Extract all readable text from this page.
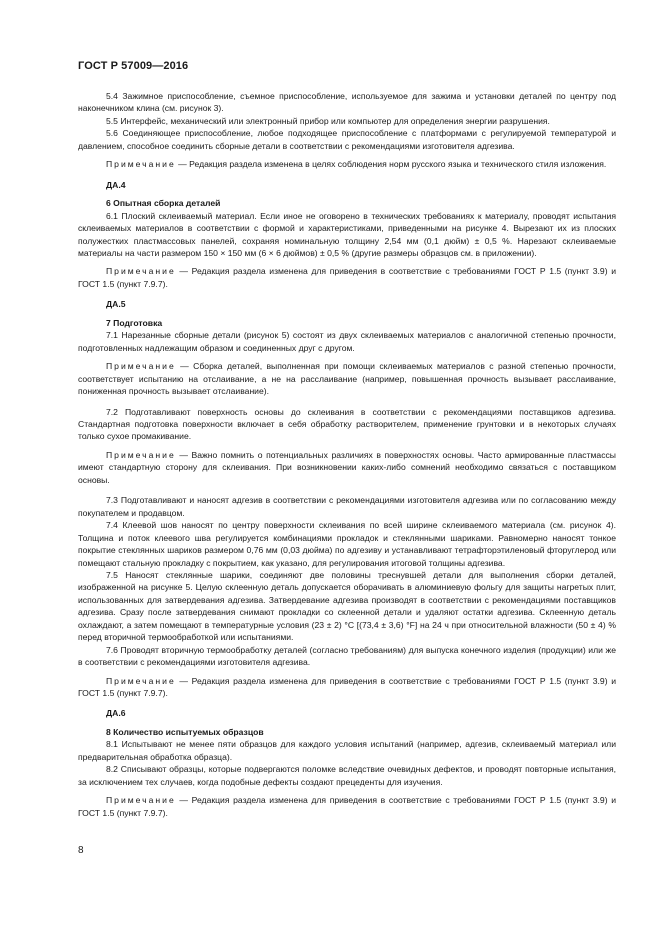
ГОСТ Р 57009—2016

5.4 Зажимное приспособление, съемное приспособление, используемое для зажима и установки деталей по центру под наконечником клина (см. рисунок 3).

5.5 Интерфейс, механический или электронный прибор или компьютер для определения энергии разрушения.

5.6 Соединяющее приспособление, любое подходящее приспособление с платформами с регулируемой температурой и давлением, способное соединить сборные детали в соответствии с рекомендациями изготовителя адгезива.

Примечание — Редакция раздела изменена в целях соблюдения норм русского языка и технического стиля изложения.

ДА.4

6 Опытная сборка деталей

6.1 Плоский склеиваемый материал. Если иное не оговорено в технических требованиях к материалу, проводят испытания склеиваемых материалов в соответствии с формой и характеристиками, приведенными на рисунке 4. Вырезают их из плоских полужестких пластмассовых панелей, сохраняя номинальную толщину 2,54 мм (0,1 дюйм) ± 0,5 %. Нарезают склеиваемые материалы на части размером 150 × 150 мм (6 × 6 дюймов) ± 0,5 % (другие размеры образцов см. в приложении).

Примечание — Редакция раздела изменена для приведения в соответствие с требованиями ГОСТ Р 1.5 (пункт 3.9) и ГОСТ 1.5 (пункт 7.9.7).

ДА.5

7 Подготовка

7.1 Нарезанные сборные детали (рисунок 5) состоят из двух склеиваемых материалов с аналогичной степенью прочности, подготовленных надлежащим образом и соединенных друг с другом.

Примечание — Сборка деталей, выполненная при помощи склеиваемых материалов с разной степенью прочности, соответствует испытанию на отслаивание, а не на расслаивание (например, повышенная прочность вызывает расслаивание, пониженная прочность вызывает отслаивание).

7.2 Подготавливают поверхность основы до склеивания в соответствии с рекомендациями поставщиков адгезива. Стандартная подготовка поверхности включает в себя обработку растворителем, применение грунтовки и в некоторых случаях только сухое промакивание.

Примечание — Важно помнить о потенциальных различиях в поверхностях основы. Часто армированные пластмассы имеют стандартную сторону для склеивания. При возникновении каких-либо сомнений необходимо связаться с поставщиком основы.

7.3 Подготавливают и наносят адгезив в соответствии с рекомендациями изготовителя адгезива или по согласованию между покупателем и продавцом.

7.4 Клеевой шов наносят по центру поверхности склеивания по всей ширине склеиваемого материала (см. рисунок 4). Толщина и поток клеевого шва регулируется комбинациями прокладок и стеклянными шариками. Равномерно наносят тонкое покрытие стеклянных шариков размером 0,76 мм (0,03 дюйма) по адгезиву и устанавливают тетрафторэтиленовый фторуглерод или помещают стальную прокладку с покрытием, как указано, для регулирования итоговой толщины адгезива.

7.5 Наносят стеклянные шарики, соединяют две половины треснувшей детали для выполнения сборки деталей, изображенной на рисунке 5. Целую склеенную деталь допускается оборачивать в алюминиевую фольгу для защиты нагретых плит, использованных для затвердевания адгезива. Затвердевание адгезива производят в соответствии с рекомендациями поставщиков адгезива. Сразу после затвердевания снимают прокладки со склеенной детали и удаляют остатки адгезива. Склеенную деталь охлаждают, а затем помещают в температурные условия (23 ± 2) °С [(73,4 ± 3,6) °F] на 24 ч при относительной влажности (50 ± 4) % перед вторичной термообработкой или испытаниями.

7.6 Проводят вторичную термообработку деталей (согласно требованиям) для выпуска конечного изделия (продукции) или же в соответствии с рекомендациями изготовителя адгезива.

Примечание — Редакция раздела изменена для приведения в соответствие с требованиями ГОСТ Р 1.5 (пункт 3.9) и ГОСТ 1.5 (пункт 7.9.7).

ДА.6

8 Количество испытуемых образцов

8.1 Испытывают не менее пяти образцов для каждого условия испытаний (например, адгезив, склеиваемый материал или предварительная обработка образца).

8.2 Списывают образцы, которые подвергаются поломке вследствие очевидных дефектов, и проводят повторные испытания, за исключением тех случаев, когда подобные дефекты создают прецеденты для изучения.

Примечание — Редакция раздела изменена для приведения в соответствие с требованиями ГОСТ Р 1.5 (пункт 3.9) и ГОСТ 1.5 (пункт 7.9.7).

8
